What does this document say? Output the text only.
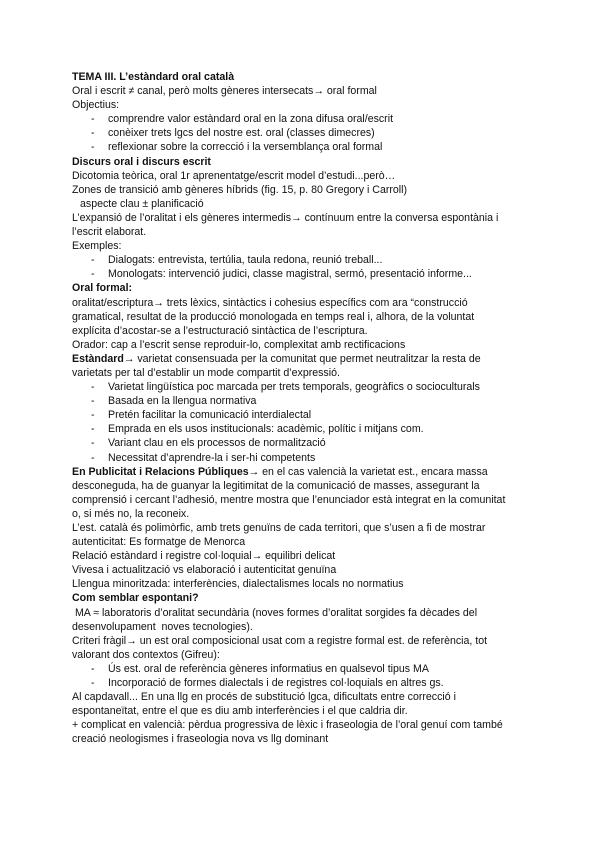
TEMA III. L’estàndard oral català
Oral i escrit ≠ canal, però molts gèneres intersecats→ oral formal
Objectius:
- comprendre valor estàndard oral en la zona difusa oral/escrit
- conèixer trets lgcs del nostre est. oral (classes dimecres)
- reflexionar sobre la correcció i la versemblança oral formal
Discurs oral i discurs escrit
Dicotomia teòrica, oral 1r aprenentatge/escrit model d’estudi...però…
Zones de transició amb gèneres híbrids (fig. 15, p. 80 Gregory i Carroll)
aspecte clau ± planificació
L’expansió de l’oralitat i els gèneres intermedis→ contínuum entre la conversa espontània i
l’escrit elaborat.
Exemples:
- Dialogats: entrevista, tertúlia, taula redona, reunió treball...
- Monologats: intervenció judici, classe magistral, sermó, presentació informe...
Oral formal:
oralitat/escriptura→ trets lèxics, sintàctics i cohesius específics com ara “construcció
gramatical, resultat de la producció monologada en temps real i, alhora, de la voluntat
explícita d’acostar-se a l’estructuració sintàctica de l’escriptura.
Orador: cap a l’escrit sense reproduir-lo, complexitat amb rectificacions
Estàndard→ varietat consensuada per la comunitat que permet neutralitzar la resta de
varietats per tal d’establir un mode compartit d’expressió.
- Varietat lingüística poc marcada per trets temporals, geogràfics o socioculturals
- Basada en la llengua normativa
- Pretén facilitar la comunicació interdialectal
- Emprada en els usos institucionals: acadèmic, polític i mitjans com.
- Variant clau en els processos de normalització
- Necessitat d’aprendre-la i ser-hi competents
En Publicitat i Relacions Públiques→ en el cas valencià la varietat est., encara massa
desconeguda, ha de guanyar la legitimitat de la comunicació de masses, assegurant la
comprensió i cercant l’adhesió, mentre mostra que l’enunciador està integrat en la comunitat
o, si més no, la reconeix.
L’est. català és polimòrfic, amb trets genuïns de cada territori, que s’usen a fi de mostrar
autenticitat: Es formatge de Menorca
Relació estàndard i registre col·loquial→ equilibri delicat
Vivesa i actualització vs elaboració i autenticitat genuïna
Llengua minoritzada: interferències, dialectalismes locals no normatius
Com semblar espontani?
MA ≈ laboratoris d’oralitat secundària (noves formes d’oralitat sorgides fa dècades del
desenvolupament  noves tecnologies).
Criteri fràgil→ un est oral composicional usat com a registre formal est. de referència, tot
valorant dos contextos (Gifreu):
- Ús est. oral de referència gèneres informatius en qualsevol tipus MA
- Incorporació de formes dialectals i de registres col·loquials en altres gs.
Al capdavall... En una llg en procés de substitució lgca, dificultats entre correcció i
espontaneïtat, entre el que es diu amb interferències i el que caldria dir.
+ complicat en valencià: pèrdua progressiva de lèxic i fraseologia de l’oral genuí com també
creació neologismes i fraseologia nova vs llg dominant
